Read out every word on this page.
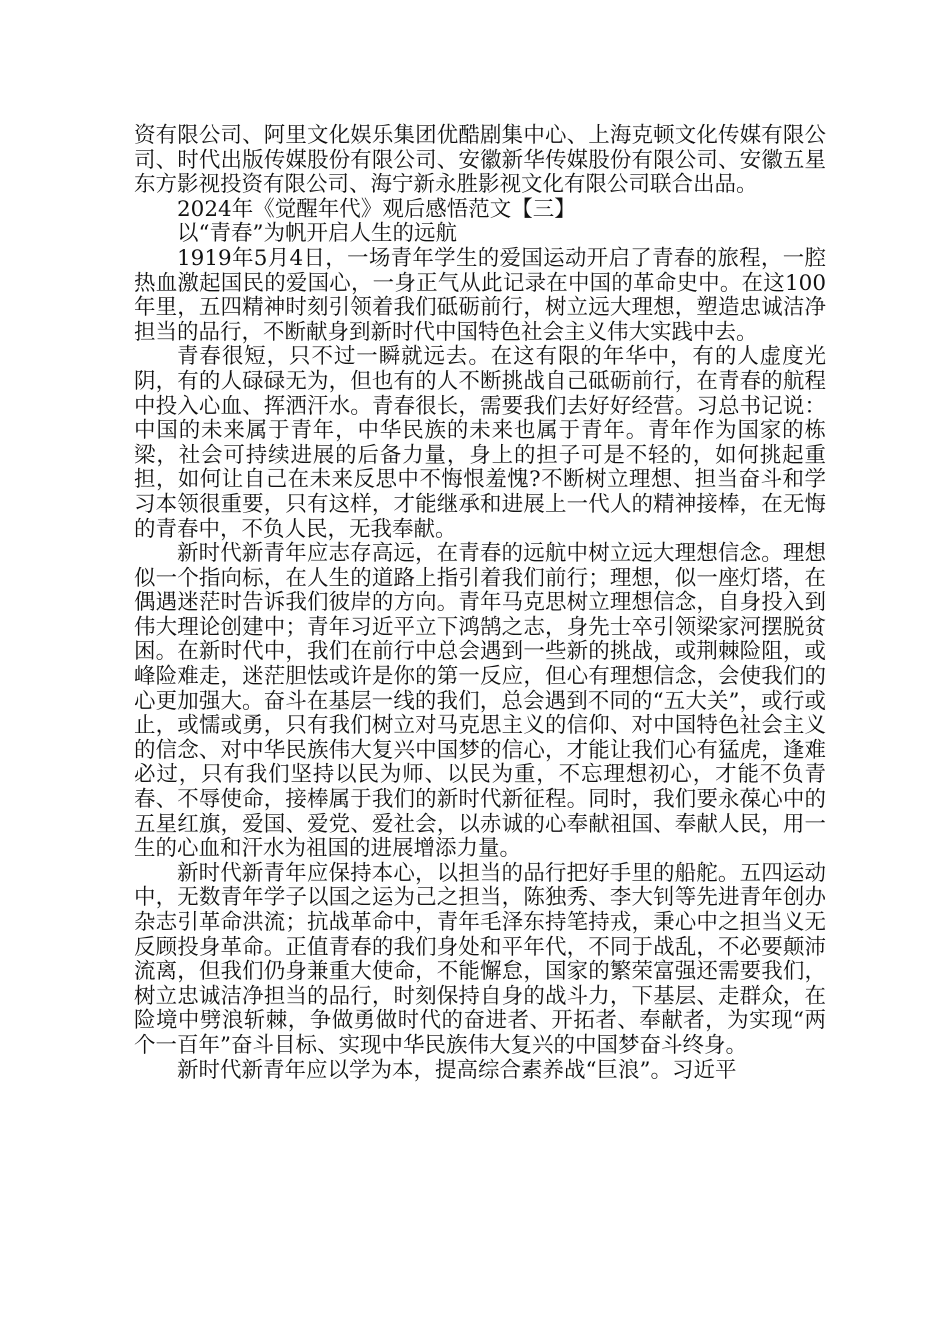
资有限公司、阿里文化娱乐集团优酷剧集中心、上海克顿文化传媒有限公司、时代出版传媒股份有限公司、安徽新华传媒股份有限公司、安徽五星东方影视投资有限公司、海宁新永胜影视文化有限公司联合出品。

2024年《觉醒年代》观后感悟范文【三】

以“青春”为帆开启人生的远航

1919年5月4日，一场青年学生的爱国运动开启了青春的旅程，一腔热血激起国民的爱国心，一身正气从此记录在中国的革命史中。在这100年里，五四精神时刻引领着我们砥砺前行，树立远大理想，塑造忠诚洁净担当的品行，不断献身到新时代中国特色社会主义伟大实践中去。

青春很短，只不过一瞬就远去。在这有限的年华中，有的人虚度光阴，有的人碌碌无为，但也有的人不断挑战自己砥砺前行，在青春的航程中投入心血、挥洒汗水。青春很长，需要我们去好好经营。习总书记说：中国的未来属于青年，中华民族的未来也属于青年。青年作为国家的栋梁，社会可持续进展的后备力量，身上的担子可是不轻的，如何挑起重担，如何让自己在未来反思中不悔恨羞愧?不断树立理想、担当奋斗和学习本领很重要，只有这样，才能继承和进展上一代人的精神接棒，在无悔的青春中，不负人民，无我奉献。

新时代新青年应志存高远，在青春的远航中树立远大理想信念。理想似一个指向标，在人生的道路上指引着我们前行；理想，似一座灯塔，在偶遇迷茫时告诉我们彼岸的方向。青年马克思树立理想信念，自身投入到伟大理论创建中；青年习近平立下鸿鹄之志，身先士卒引领梁家河摆脱贫困。在新时代中，我们在前行中总会遇到一些新的挑战，或荆棘险阻，或峰险难走，迷茫胆怯或许是你的第一反应，但心有理想信念，会使我们的心更加强大。奋斗在基层一线的我们，总会遇到不同的“五大关”，或行或止，或懦或勇，只有我们树立对马克思主义的信仰、对中国特色社会主义的信念、对中华民族伟大复兴中国梦的信心，才能让我们心有猛虎，逢难必过，只有我们坚持以民为师、以民为重，不忘理想初心，才能不负青春、不辱使命，接棒属于我们的新时代新征程。同时，我们要永葆心中的五星红旗，爱国、爱党、爱社会，以赤诚的心奉献祖国、奉献人民，用一生的心血和汗水为祖国的进展增添力量。

新时代新青年应保持本心，以担当的品行把好手里的船舵。五四运动中，无数青年学子以国之运为己之担当，陈独秀、李大钊等先进青年创办杂志引革命洪流；抗战革命中，青年毛泽东持笔持戎，秉心中之担当义无反顾投身革命。正值青春的我们身处和平年代，不同于战乱，不必要颠沛流离，但我们仍身兼重大使命，不能懈怠，国家的繁荣富强还需要我们，树立忠诚洁净担当的品行，时刻保持自身的战斗力，下基层、走群众，在险境中劈浪斩棘，争做勇做时代的奋进者、开拓者、奉献者，为实现“两个一百年”奋斗目标、实现中华民族伟大复兴的中国梦奋斗终身。

新时代新青年应以学为本，提高综合素养战“巨浪”。习近平
